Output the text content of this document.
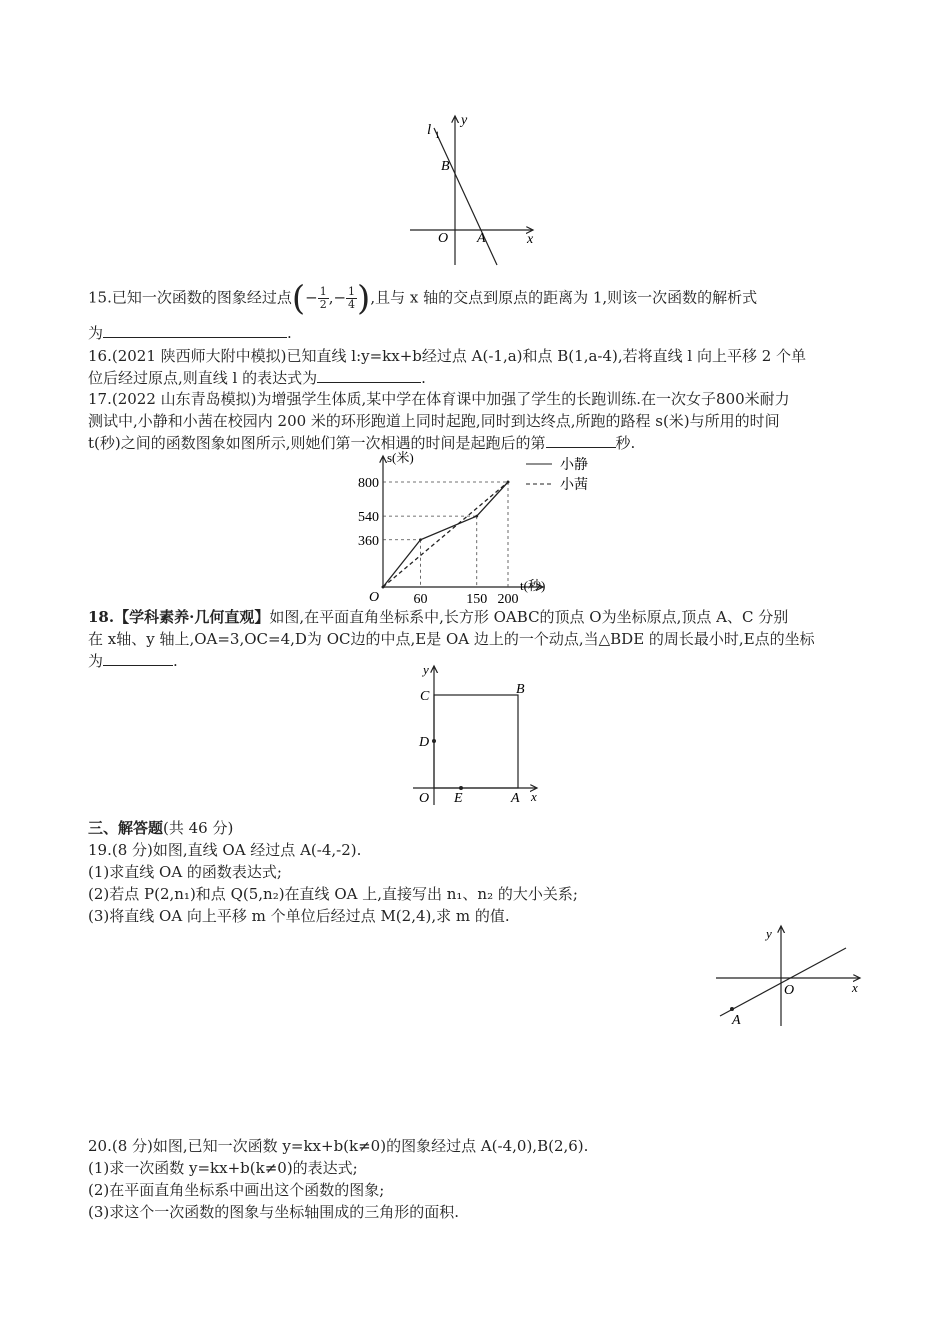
l 1
y
x
O A
B
15.已知一次函数的图象经过点(− $\frac{1}{2}$ ,− $\frac{1}{4}$ ),且与 x 轴的交点到原点的距离为 1,则该一次函数的解析式
为	.
16.(2021 陕西师大附中模拟)已知直线 l:y=kx+b经过点 A(-1,a)和点 B(1,a-4),若将直线 l 向上平移 2 个单
位后经过原点,则直线 l 的表达式为	.
17.(2022 山东青岛模拟)为增强学生体质,某中学在体育课中加强了学生的长跑训练.在一次女子800米耐力
测试中,小静和小茜在校园内 200 米的环形跑道上同时起跑,同时到达终点,所跑的路程 s(米)与所用的时间
t(秒)之间的函数图象如图所示,则她们第一次相遇的时间是起跑后的第	秒.
60	150 200
360
540
800
O
s(米)
t(秒)
小静
小茜
18.【学科素养·几何直观】如图,在平面直角坐标系中,长方形 OABC的顶点 O为坐标原点,顶点 A、C 分别
在 x轴、y 轴上,OA=3,OC=4,D为 OC边的中点,E是 OA 边上的一个动点,当△BDE 的周长最小时,E点的坐标
为	.	y
x
O	A
B
C
D
E
三、解答题(共 46 分)
19.(8 分)如图,直线 OA 经过点 A(-4,-2).
(1)求直线 OA 的函数表达式;
(2)若点 P(2,n₁)和点 Q(5,n₂)在直线 OA 上,直接写出 n₁、n₂ 的大小关系;
(3)将直线 OA 向上平移 m 个单位后经过点 M(2,4),求 m 的值.
y
x
O
A
20.(8 分)如图,已知一次函数 y=kx+b(k≠0)的图象经过点 A(-4,0),B(2,6).
(1)求一次函数 y=kx+b(k≠0)的表达式;
(2)在平面直角坐标系中画出这个函数的图象;
(3)求这个一次函数的图象与坐标轴围成的三角形的面积.
